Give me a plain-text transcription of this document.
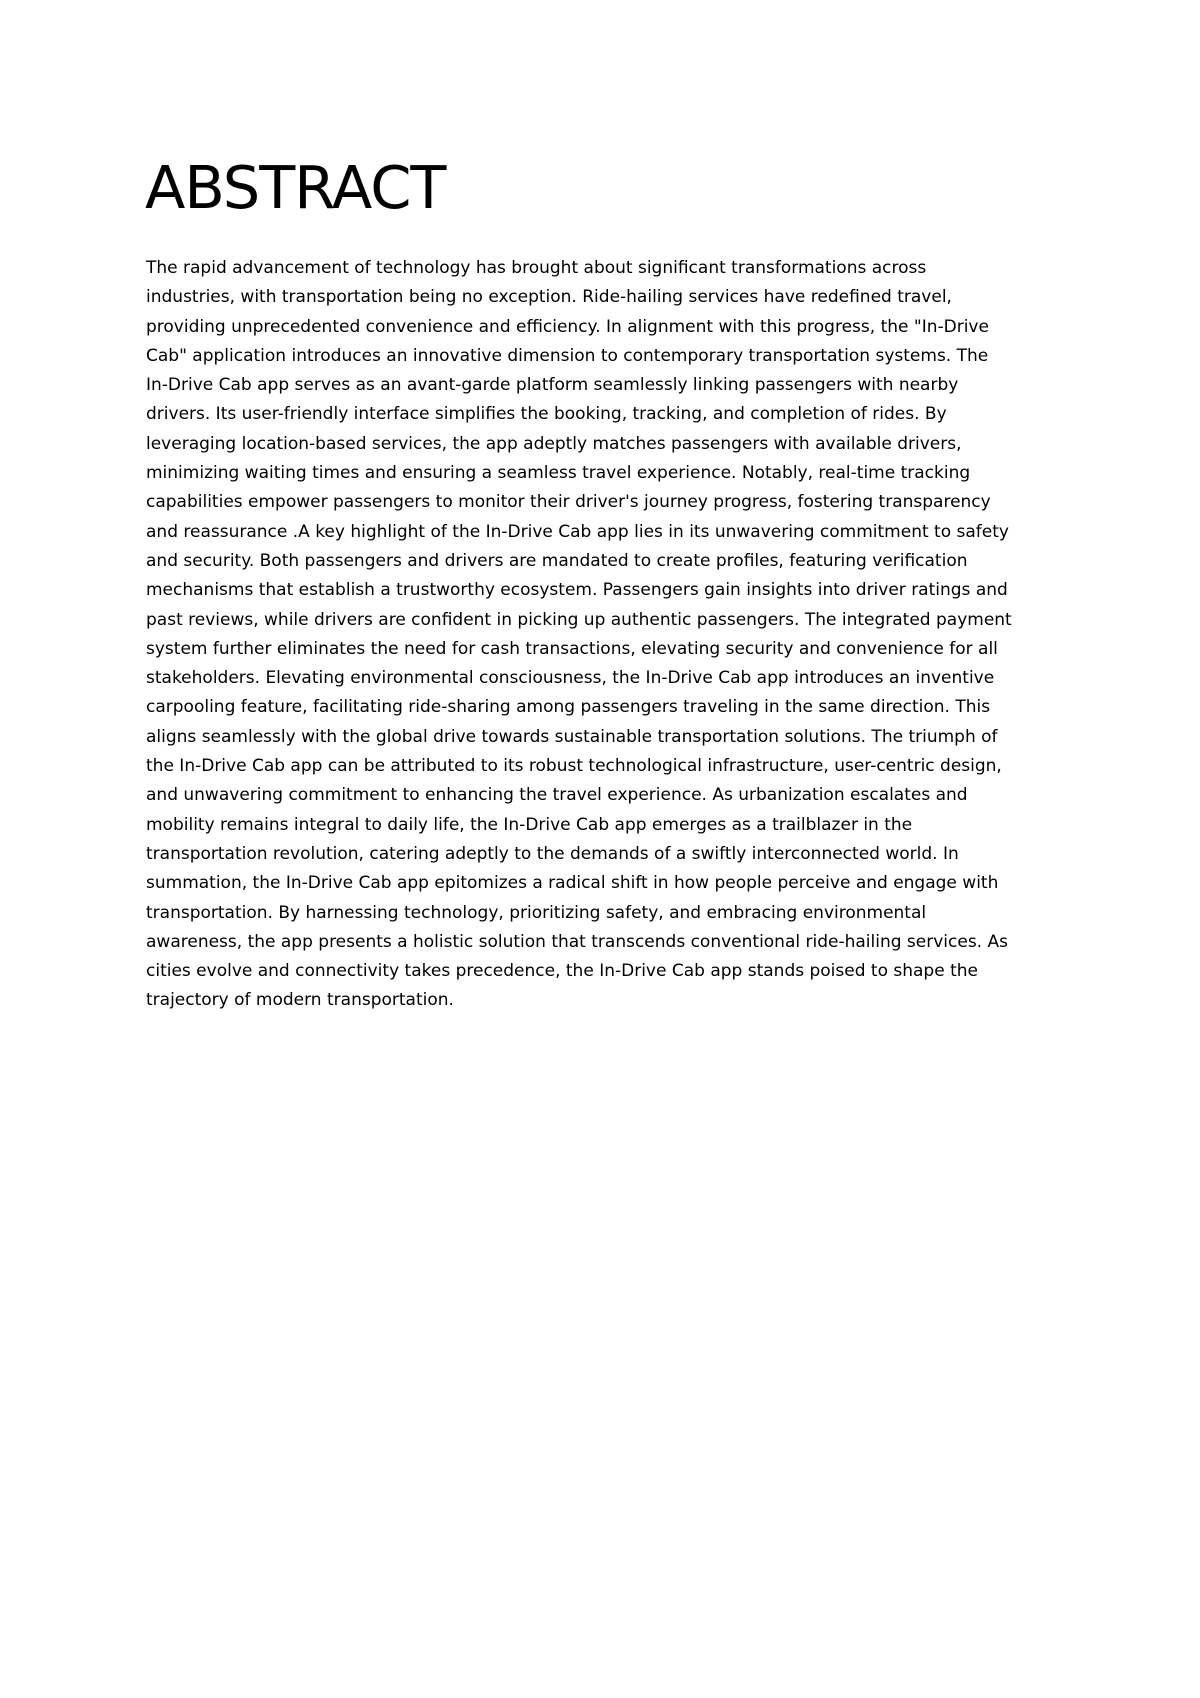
ABSTRACT
The rapid advancement of technology has brought about significant transformations across
industries, with transportation being no exception. Ride-hailing services have redefined travel,
providing unprecedented convenience and efficiency. In alignment with this progress, the "In-Drive
Cab" application introduces an innovative dimension to contemporary transportation systems. The
In-Drive Cab app serves as an avant-garde platform seamlessly linking passengers with nearby
drivers. Its user-friendly interface simplifies the booking, tracking, and completion of rides. By
leveraging location-based services, the app adeptly matches passengers with available drivers,
minimizing waiting times and ensuring a seamless travel experience. Notably, real-time tracking
capabilities empower passengers to monitor their driver's journey progress, fostering transparency
and reassurance .A key highlight of the In-Drive Cab app lies in its unwavering commitment to safety
and security. Both passengers and drivers are mandated to create profiles, featuring verification
mechanisms that establish a trustworthy ecosystem. Passengers gain insights into driver ratings and
past reviews, while drivers are confident in picking up authentic passengers. The integrated payment
system further eliminates the need for cash transactions, elevating security and convenience for all
stakeholders. Elevating environmental consciousness, the In-Drive Cab app introduces an inventive
carpooling feature, facilitating ride-sharing among passengers traveling in the same direction. This
aligns seamlessly with the global drive towards sustainable transportation solutions. The triumph of
the In-Drive Cab app can be attributed to its robust technological infrastructure, user-centric design,
and unwavering commitment to enhancing the travel experience. As urbanization escalates and
mobility remains integral to daily life, the In-Drive Cab app emerges as a trailblazer in the
transportation revolution, catering adeptly to the demands of a swiftly interconnected world. In
summation, the In-Drive Cab app epitomizes a radical shift in how people perceive and engage with
transportation. By harnessing technology, prioritizing safety, and embracing environmental
awareness, the app presents a holistic solution that transcends conventional ride-hailing services. As
cities evolve and connectivity takes precedence, the In-Drive Cab app stands poised to shape the
trajectory of modern transportation.
